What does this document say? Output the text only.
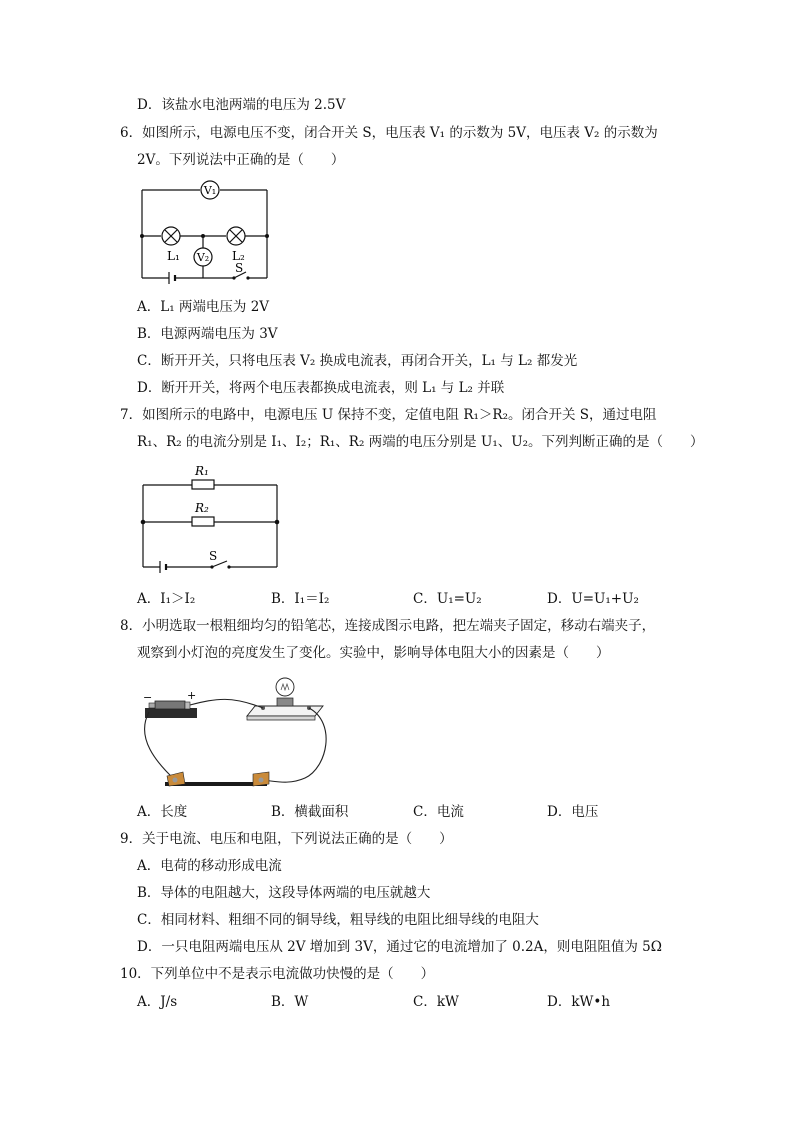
D．该盐水电池两端的电压为 2.5V
6．如图所示，电源电压不变，闭合开关 S，电压表 V₁ 的示数为 5V，电压表 V₂ 的示数为
2V。下列说法中正确的是（　　）
V₁
V₂
L₁	L₂
S
A．L₁ 两端电压为 2V
B．电源两端电压为 3V
C．断开开关，只将电压表 V₂ 换成电流表，再闭合开关，L₁ 与 L₂ 都发光
D．断开开关，将两个电压表都换成电流表，则 L₁ 与 L₂ 并联
7．如图所示的电路中，电源电压 U 保持不变，定值电阻 R₁＞R₂。闭合开关 S，通过电阻
R₁、R₂ 的电流分别是 I₁、I₂；R₁、R₂ 两端的电压分别是 U₁、U₂。下列判断正确的是（　　）
R₁
R₂
S
A．I₁＞I₂	B．I₁＝I₂	C．U₁=U₂	D．U=U₁+U₂
8．小明选取一根粗细均匀的铅笔芯，连接成图示电路，把左端夹子固定，移动右端夹子，
观察到小灯泡的亮度发生了变化。实验中，影响导体电阻大小的因素是（　　）
−	+
A．长度	B．横截面积	C．电流	D．电压
9．关于电流、电压和电阻，下列说法正确的是（　　）
A．电荷的移动形成电流
B．导体的电阻越大，这段导体两端的电压就越大
C．相同材料、粗细不同的铜导线，粗导线的电阻比细导线的电阻大
D．一只电阻两端电压从 2V 增加到 3V，通过它的电流增加了 0.2A，则电阻阻值为 5Ω
10．下列单位中不是表示电流做功快慢的是（　　）
A．J/s	B．W	C．kW	D．kW•h
